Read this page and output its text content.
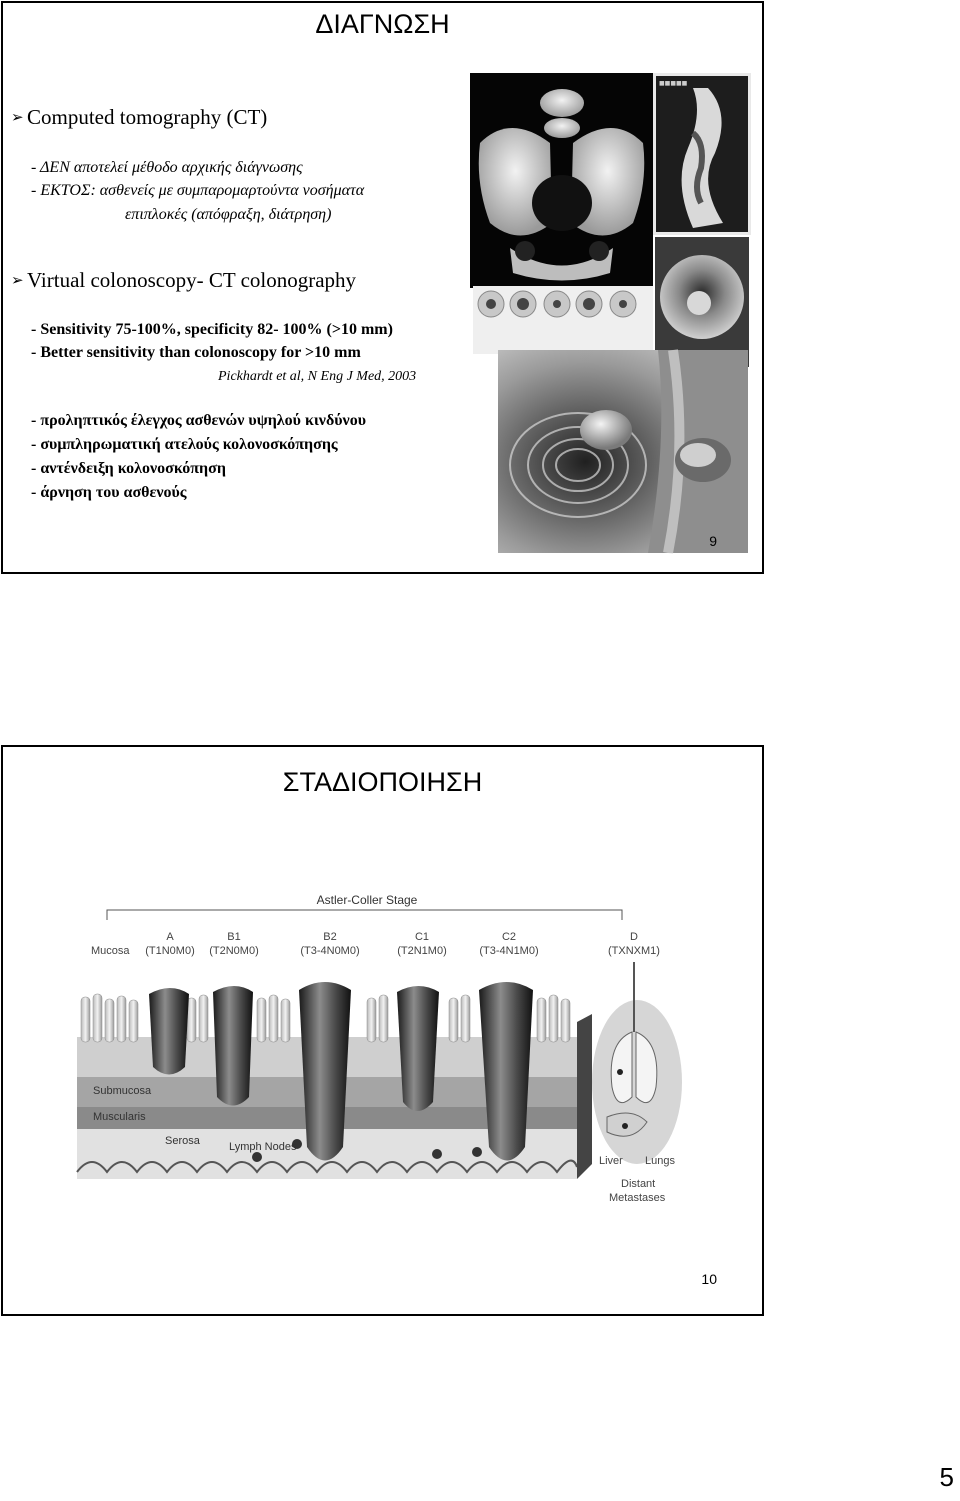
ΔΙΑΓΝΩΣΗ
➢ Computed tomography (CT)
- ΔΕΝ αποτελεί μέθοδο αρχικής διάγνωσης
- ΕΚΤΟΣ: ασθενείς με συμπαρομαρτούντα νοσήματα
επιπλοκές (απόφραξη, διάτρηση)
➢ Virtual colonoscopy- CT colonography
- Sensitivity 75-100%, specificity 82- 100% (>10 mm)
- Better sensitivity than colonoscopy for >10 mm
Pickhardt et al, N Eng J Med, 2003
- προληπτικός έλεγχος ασθενών υψηλού κινδύνου
- συμπληρωματική ατελούς κολονοσκόπησης
- αντένδειξη κολονοσκόπηση
- άρνηση του ασθενούς
■■■■■
9
ΣΤΑΔΙΟΠΟΙΗΣΗ
Astler-Coller Stage
A
(T1N0M0)
B1
(T2N0M0)
B2
(T3-4N0M0)
C1
(T2N1M0)
C2
(T3-4N1M0)
D
(TXNXM1)
Mucosa
Submucosa
Muscularis
Serosa	Lymph Nodes
Liver Lungs
Distant
Metastases
10
5
